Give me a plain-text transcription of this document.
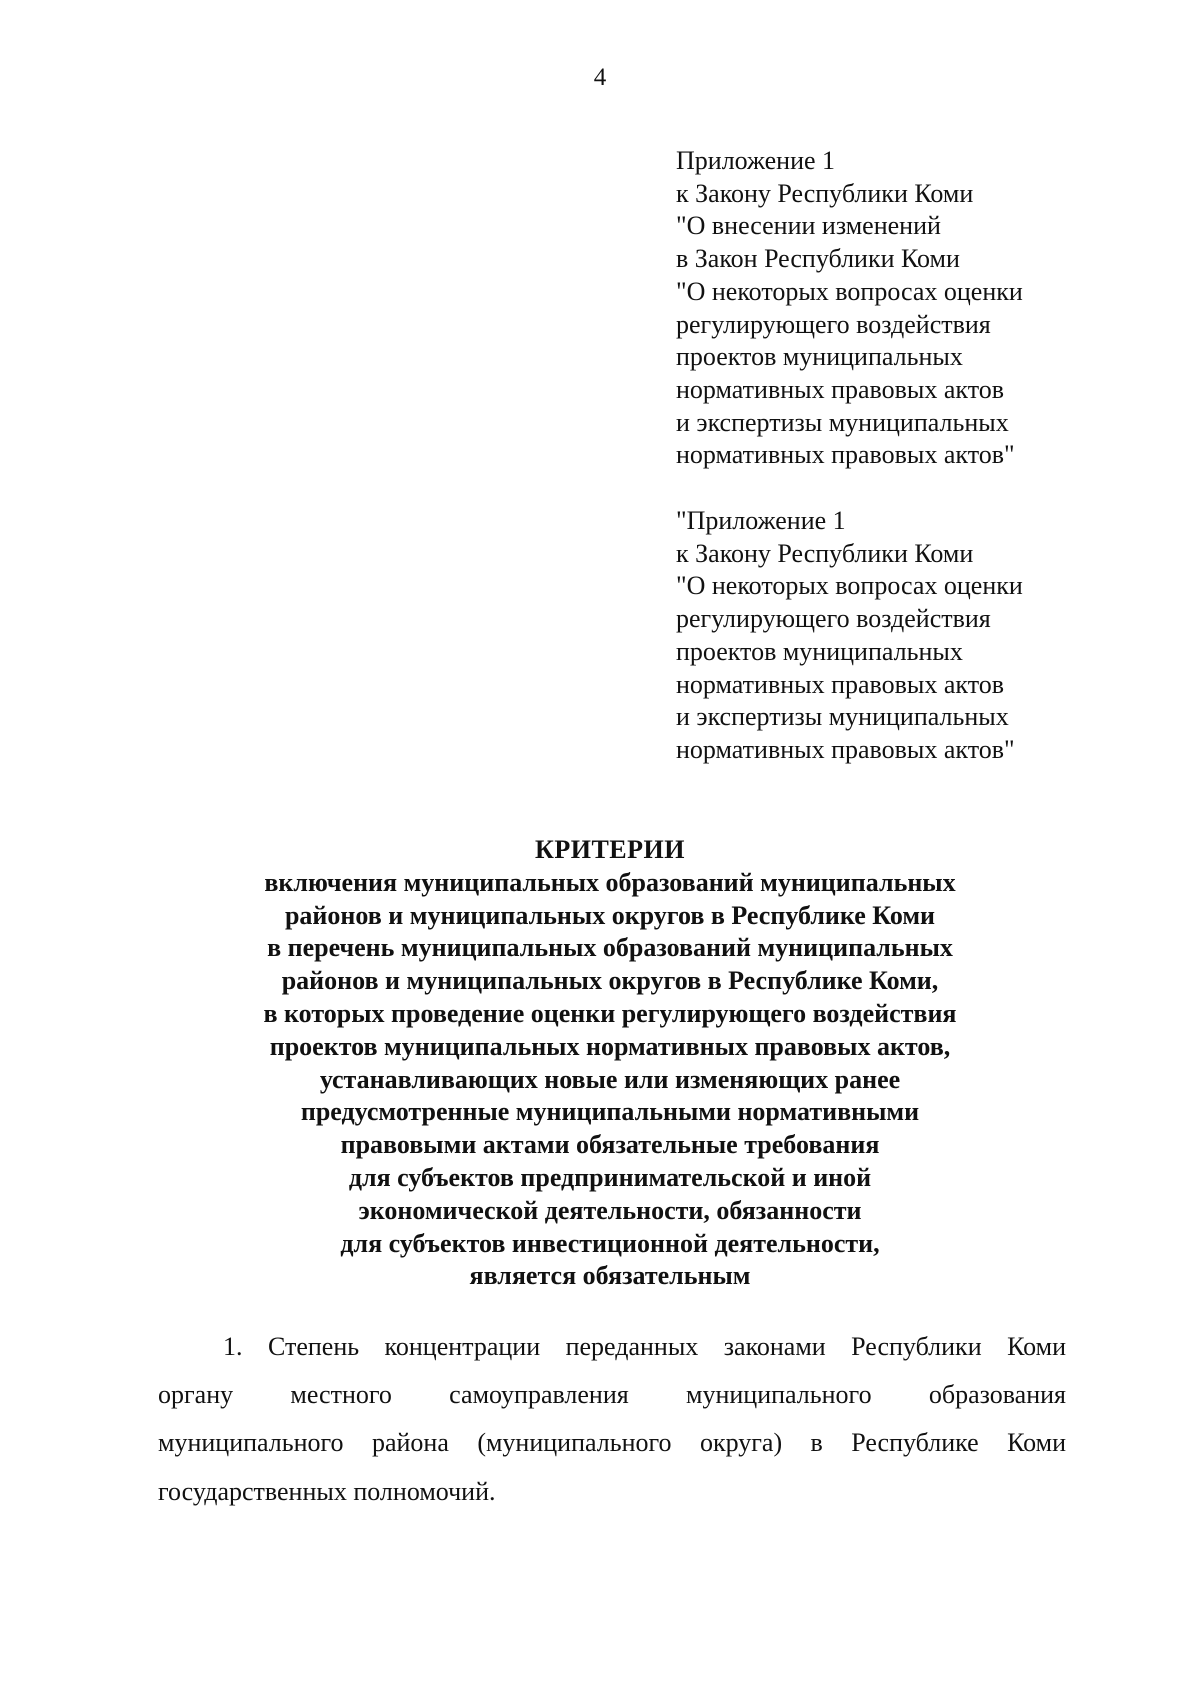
4
Приложение 1
к Закону Республики Коми
"О внесении изменений
в Закон Республики Коми
"О некоторых вопросах оценки
регулирующего воздействия
проектов муниципальных
нормативных правовых актов
и экспертизы муниципальных
нормативных правовых актов"
"Приложение 1
к Закону Республики Коми
"О некоторых вопросах оценки
регулирующего воздействия
проектов муниципальных
нормативных правовых актов
и экспертизы муниципальных
нормативных правовых актов"
КРИТЕРИИ
включения муниципальных образований муниципальных
районов и муниципальных округов в Республике Коми
в перечень муниципальных образований муниципальных
районов и муниципальных округов в Республике Коми,
в которых проведение оценки регулирующего воздействия
проектов муниципальных нормативных правовых актов,
устанавливающих новые или изменяющих ранее
предусмотренные муниципальными нормативными
правовыми актами обязательные требования
для субъектов предпринимательской и иной
экономической деятельности, обязанности
для субъектов инвестиционной деятельности,
является обязательным
1. Степень концентрации переданных законами Республики Коми
органу местного самоуправления муниципального образования
муниципального района (муниципального округа) в Республике Коми
государственных полномочий.
